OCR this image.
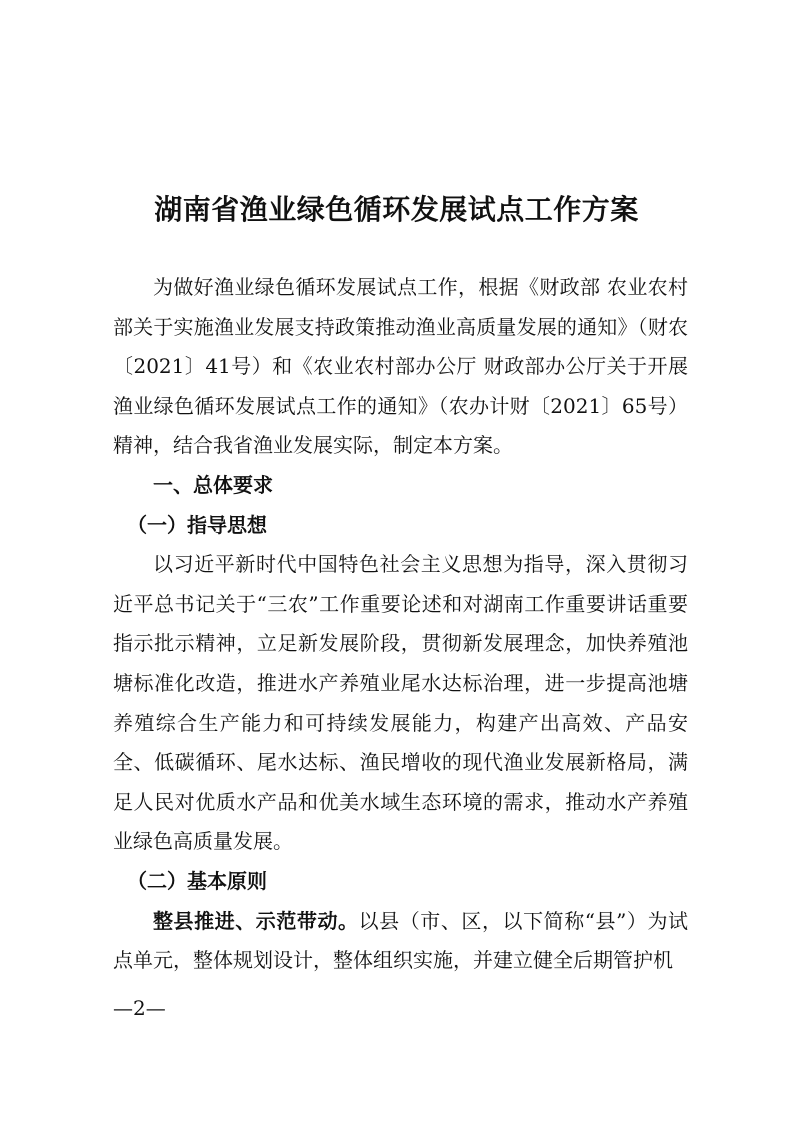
湖南省渔业绿色循环发展试点工作方案

为做好渔业绿色循环发展试点工作，根据《财政部 农业农村部关于实施渔业发展支持政策推动渔业高质量发展的通知》（财农〔2021〕41号）和《农业农村部办公厅 财政部办公厅关于开展渔业绿色循环发展试点工作的通知》（农办计财〔2021〕65号）精神，结合我省渔业发展实际，制定本方案。

一、总体要求

（一）指导思想

以习近平新时代中国特色社会主义思想为指导，深入贯彻习近平总书记关于“三农”工作重要论述和对湖南工作重要讲话重要指示批示精神，立足新发展阶段，贯彻新发展理念，加快养殖池塘标准化改造，推进水产养殖业尾水达标治理，进一步提高池塘养殖综合生产能力和可持续发展能力，构建产出高效、产品安全、低碳循环、尾水达标、渔民增收的现代渔业发展新格局，满足人民对优质水产品和优美水域生态环境的需求，推动水产养殖业绿色高质量发展。

（二）基本原则

整县推进、示范带动。以县（市、区，以下简称“县”）为试点单元，整体规划设计，整体组织实施，并建立健全后期管护机

—2—
